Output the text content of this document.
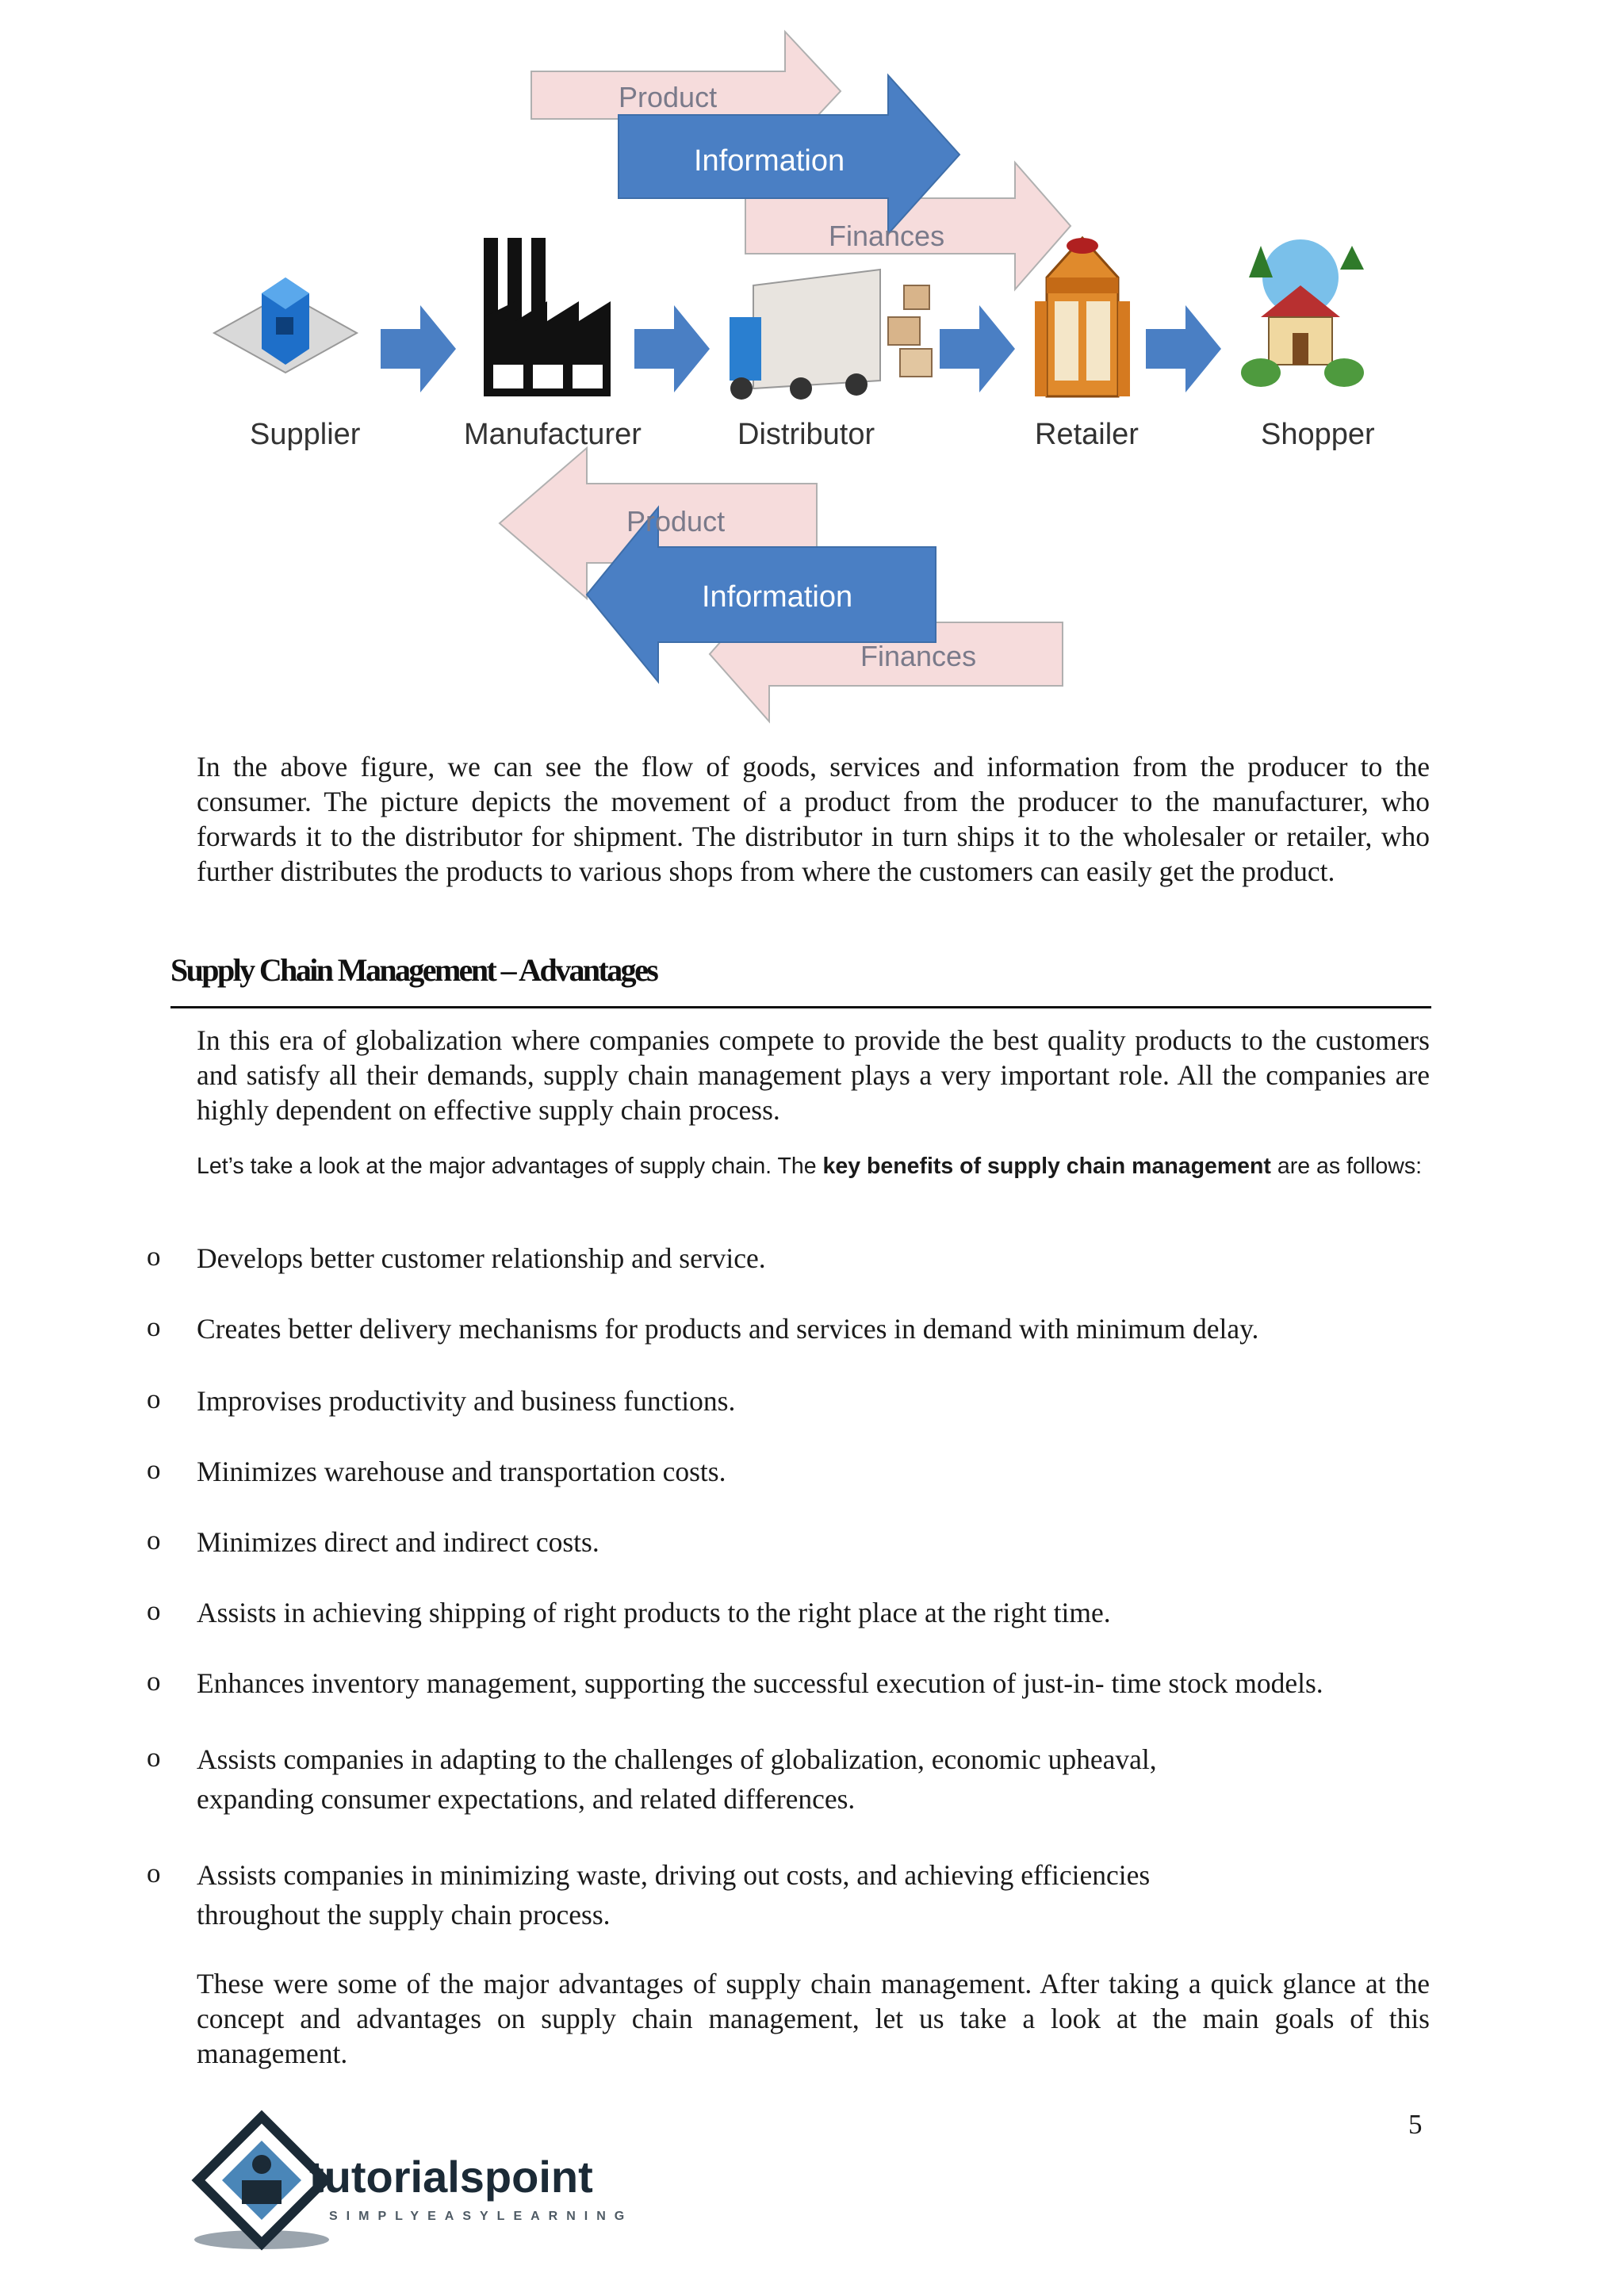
Product
Information
Finances
Supplier	Manufacturer	Distributor	Retailer	Shopper
Product
Information
Finances

In the above figure, we can see the flow of goods, services and information from the producer to the consumer. The picture depicts the movement of a product from the producer to the manufacturer, who forwards it to the distributor for shipment. The distributor in turn ships it to the wholesaler or retailer, who further distributes the products to various shops from where the customers can easily get the product.

Supply Chain Management – Advantages

In this era of globalization where companies compete to provide the best quality products to the customers and satisfy all their demands, supply chain management plays a very important role. All the companies are highly dependent on effective supply chain process.

Let’s take a look at the major advantages of supply chain. The key benefits of supply chain management are as follows:

o Develops better customer relationship and service.

o Creates better delivery mechanisms for products and services in demand with minimum delay.

o Improvises productivity and business functions.

o Minimizes warehouse and transportation costs.

o Minimizes direct and indirect costs.

o Assists in achieving shipping of right products to the right place at the right time.

o Enhances inventory management, supporting the successful execution of just-in- time stock models.

o Assists companies in adapting to the challenges of globalization, economic upheaval, expanding consumer expectations, and related differences.

o Assists companies in minimizing waste, driving out costs, and achieving efficiencies throughout the supply chain process.

These were some of the major advantages of supply chain management. After taking a quick glance at the concept and advantages on supply chain management, let us take a look at the main goals of this management.

5
tutorialspoint
SIMPLYEASYLEARNING
